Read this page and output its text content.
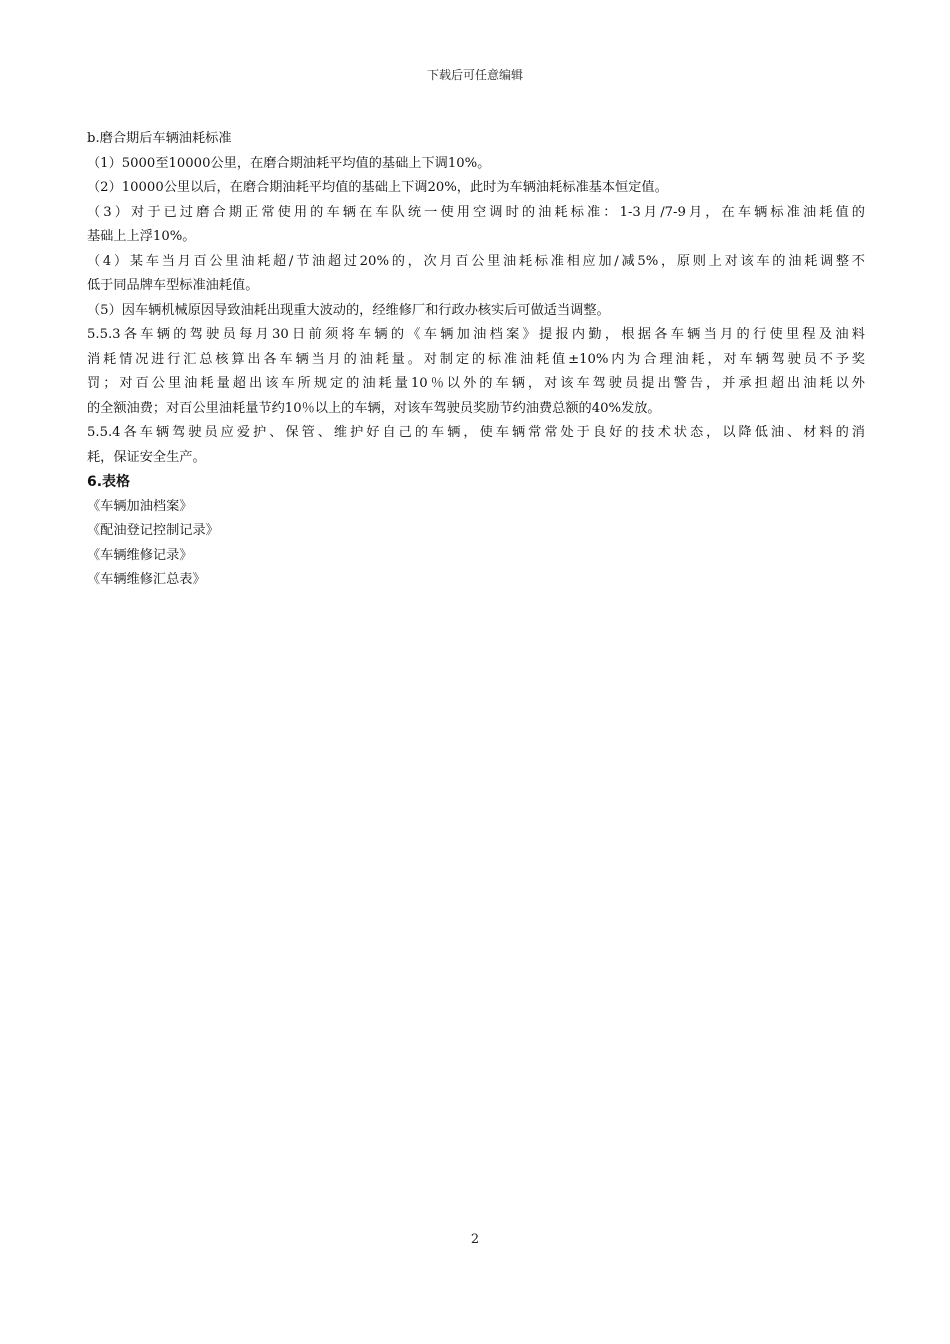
下载后可任意编辑
b.磨合期后车辆油耗标准
（1）5000至10000公里，在磨合期油耗平均值的基础上下调10%。
（2）10000公里以后，在磨合期油耗平均值的基础上下调20%，此时为车辆油耗标准基本恒定值。
（3）对于已过磨合期正常使用的车辆在车队统一使用空调时的油耗标准：1-3月/7-9月，在车辆标准油耗值的
基础上上浮10%。
（4）某车当月百公里油耗超/节油超过20%的，次月百公里油耗标准相应加/减5%，原则上对该车的油耗调整不
低于同品牌车型标准油耗值。
（5）因车辆机械原因导致油耗出现重大波动的，经维修厂和行政办核实后可做适当调整。
5.5.3各车辆的驾驶员每月30日前须将车辆的《车辆加油档案》提报内勤，根据各车辆当月的行使里程及油料
消耗情况进行汇总核算出各车辆当月的油耗量。对制定的标准油耗值±10%内为合理油耗，对车辆驾驶员不予奖
罚；对百公里油耗量超出该车所规定的油耗量10％以外的车辆，对该车驾驶员提出警告，并承担超出油耗以外
的全额油费；对百公里油耗量节约10％以上的车辆，对该车驾驶员奖励节约油费总额的40%发放。
5.5.4各车辆驾驶员应爱护、保管、维护好自己的车辆，使车辆常常处于良好的技术状态，以降低油、材料的消
耗，保证安全生产。
6.表格
《车辆加油档案》
《配油登记控制记录》
《车辆维修记录》
《车辆维修汇总表》
2
